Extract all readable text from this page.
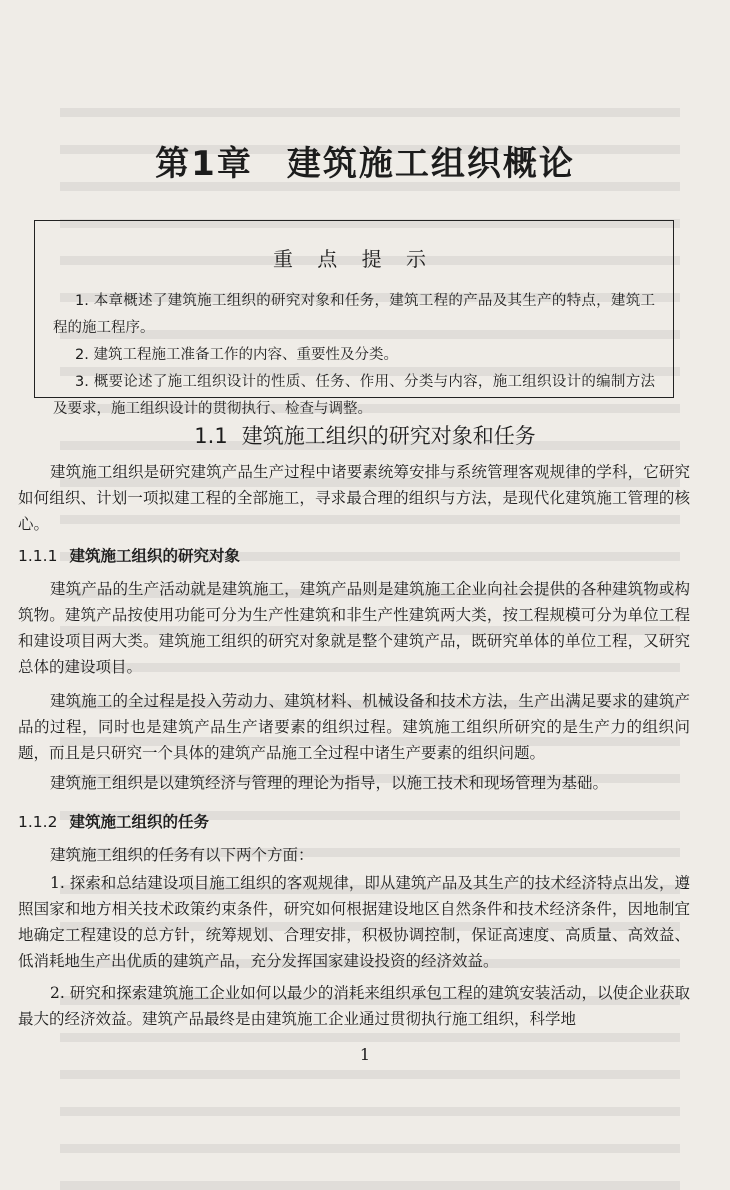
第1章 建筑施工组织概论
重 点 提 示
1. 本章概述了建筑施工组织的研究对象和任务，建筑工程的产品及其生产的特点，建筑工程的施工程序。
2. 建筑工程施工准备工作的内容、重要性及分类。
3. 概要论述了施工组织设计的性质、任务、作用、分类与内容，施工组织设计的编制方法及要求，施工组织设计的贯彻执行、检查与调整。
1.1 建筑施工组织的研究对象和任务
建筑施工组织是研究建筑产品生产过程中诸要素统筹安排与系统管理客观规律的学科，它研究如何组织、计划一项拟建工程的全部施工，寻求最合理的组织与方法，是现代化建筑施工管理的核心。
1.1.1 建筑施工组织的研究对象
建筑产品的生产活动就是建筑施工，建筑产品则是建筑施工企业向社会提供的各种建筑物或构筑物。建筑产品按使用功能可分为生产性建筑和非生产性建筑两大类，按工程规模可分为单位工程和建设项目两大类。建筑施工组织的研究对象就是整个建筑产品，既研究单体的单位工程，又研究总体的建设项目。
建筑施工的全过程是投入劳动力、建筑材料、机械设备和技术方法，生产出满足要求的建筑产品的过程，同时也是建筑产品生产诸要素的组织过程。建筑施工组织所研究的是生产力的组织问题，而且是只研究一个具体的建筑产品施工全过程中诸生产要素的组织问题。
建筑施工组织是以建筑经济与管理的理论为指导，以施工技术和现场管理为基础。
1.1.2 建筑施工组织的任务
建筑施工组织的任务有以下两个方面：
1. 探索和总结建设项目施工组织的客观规律，即从建筑产品及其生产的技术经济特点出发，遵照国家和地方相关技术政策约束条件，研究如何根据建设地区自然条件和技术经济条件，因地制宜地确定工程建设的总方针，统筹规划、合理安排，积极协调控制，保证高速度、高质量、高效益、低消耗地生产出优质的建筑产品，充分发挥国家建设投资的经济效益。
2. 研究和探索建筑施工企业如何以最少的消耗来组织承包工程的建筑安装活动，以使企业获取最大的经济效益。建筑产品最终是由建筑施工企业通过贯彻执行施工组织，科学地
1
